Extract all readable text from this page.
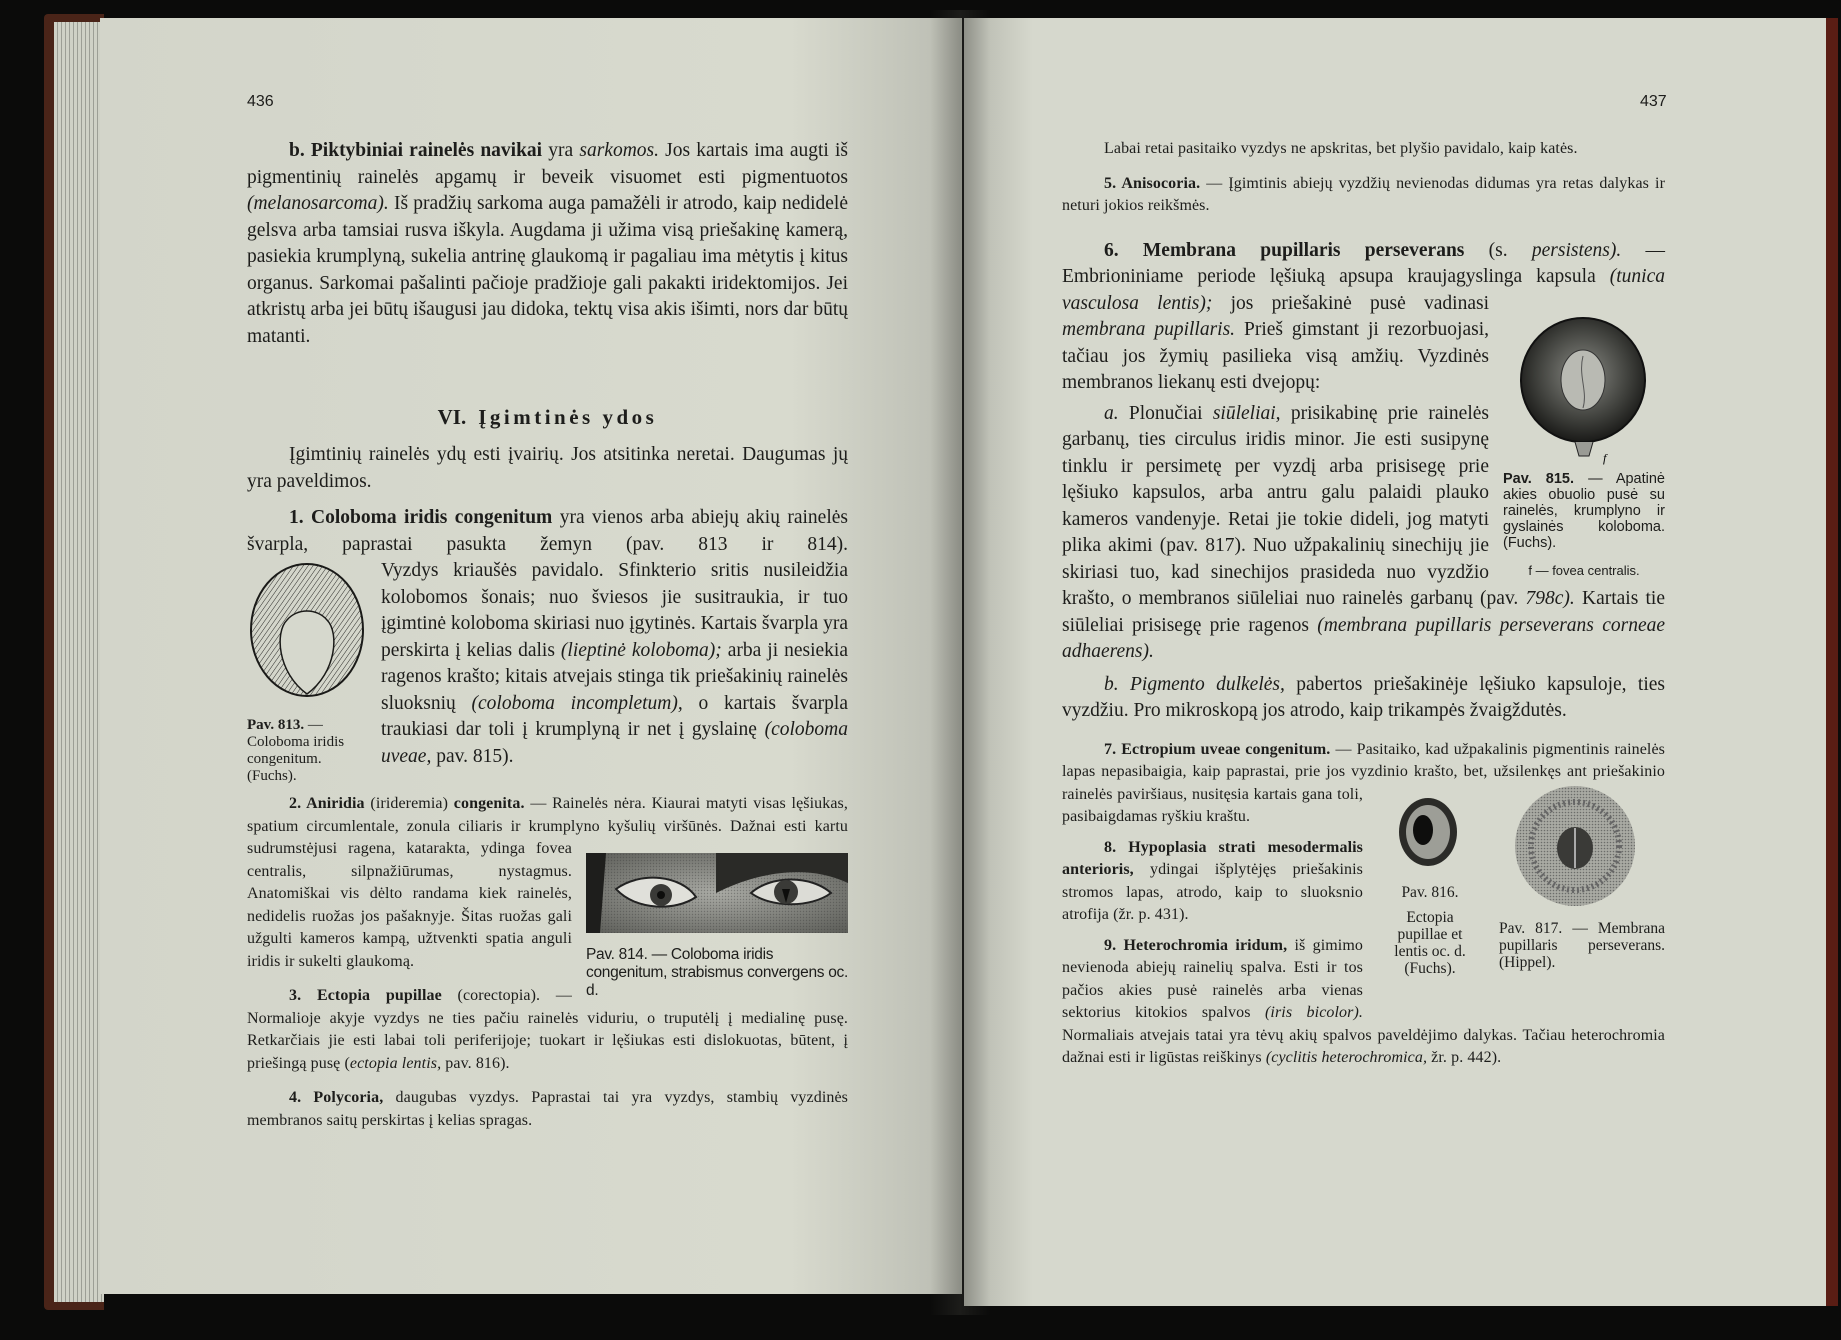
436	437

b. Piktybiniai rainelės navikai yra sarkomos. Jos kartais ima augti iš pigmentinių rainelės apgamų ir beveik visuomet esti pigmentuotos (melanosarcoma). Iš pradžių sarkoma auga pamažėli ir atrodo, kaip nedidelė gelsva arba tamsiai rusva iškyla. Augdama ji užima visą priešakinę kamerą, pasiekia krumplyną, sukelia antrinę glaukomą ir pagaliau ima mėtytis į kitus organus. Sarkomai pašalinti pačioje pradžioje gali pakakti iridektomijos. Jei atkristų arba jei būtų išaugusi jau didoka, tektų visa akis išimti, nors dar būtų matanti.

VI. Įgimtinės ydos

Įgimtinių rainelės ydų esti įvairių. Jos atsitinka neretai. Daugumas jų yra paveldimos.

1. Coloboma iridis congenitum yra vienos arba abiejų akių rainelės švarpla, paprastai pasukta žemyn (pav. 813 ir 814).

Pav. 813. — Coloboma iridis congenitum. (Fuchs).

Vyzdys kriaušės pavidalo. Sfinkterio sritis nusileidžia kolobomos šonais; nuo šviesos jie susitraukia, ir tuo įgimtinė koloboma skiriasi nuo įgytinės. Kartais švarpla yra perskirta į kelias dalis (lieptinė koloboma); arba ji nesiekia ragenos krašto; kitais atvejais stinga tik priešakinių rainelės sluoksnių (coloboma incompletum), o kartais švarpla traukiasi dar toli į krumplyną ir net į gyslainę (coloboma uveae, pav. 815).

Pav. 814. — Coloboma iridis congenitum, strabismus convergens oc. d.

2. Aniridia (irideremia) congenita. — Rainelės nėra. Kiaurai matyti visas lęšiukas, spatium circumlentale, zonula ciliaris ir krumplyno kyšulių viršūnės. Dažnai esti kartu sudrumstėjusi ragena, katarakta, ydinga fovea centralis, silpnažiūrumas, nystagmus. Anatomiškai vis dėlto randama kiek rainelės, nedidelis ruožas jos pašaknyje. Šitas ruožas gali užgulti kameros kampą, užtvenkti spatia anguli iridis ir sukelti glaukomą.

3. Ectopia pupillae (corectopia). — Normalioje akyje vyzdys ne ties pačiu rainelės viduriu, o truputėlį į medialinę pusę. Retkarčiais jie esti labai toli periferijoje; tuokart ir lęšiukas esti dislokuotas, būtent, į priešingą pusę (ectopia lentis, pav. 816).

4. Polycoria, daugubas vyzdys. Paprastai tai yra vyzdys, stambių vyzdinės membranos saitų perskirtas į kelias spragas.

Labai retai pasitaiko vyzdys ne apskritas, bet plyšio pavidalo, kaip katės.

5. Anisocoria. — Įgimtinis abiejų vyzdžių nevienodas didumas yra retas dalykas ir neturi jokios reikšmės.

f
Pav. 815. — Apatinė akies obuolio pusė su rainelės, krumplyno ir gyslainės koloboma. (Fuchs).
f — fovea centralis.

6. Membrana pupillaris perseverans (s. persistens). — Embrioniniame periode lęšiuką apsupa kraujagyslinga kapsula (tunica vasculosa lentis); jos priešakinė pusė vadinasi membrana pupillaris. Prieš gimstant ji rezorbuojasi, tačiau jos žymių pasilieka visą amžių. Vyzdinės membranos liekanų esti dvejopų:

a. Plonučiai siūleliai, prisikabinę prie rainelės garbanų, ties circulus iridis minor. Jie esti susipynę tinklu ir persimetę per vyzdį arba prisisegę prie lęšiuko kapsulos, arba antru galu palaidi plauko kameros vandenyje. Retai jie tokie dideli, jog matyti plika akimi (pav. 817). Nuo užpakalinių sinechijų jie skiriasi tuo, kad sinechijos prasideda nuo vyzdžio krašto, o membranos siūleliai nuo rainelės garbanų (pav. 798c). Kartais tie siūleliai prisisegę prie ragenos (membrana pupillaris perseverans corneae adhaerens).

b. Pigmento dulkelės, pabertos priešakinėje lęšiuko kapsuloje, ties vyzdžiu. Pro mikroskopą jos atrodo, kaip trikampės žvaigždutės.

Pav. 816.
Ectopia pupillae et lentis oc. d. (Fuchs).
Pav. 817. — Membrana pupillaris perseverans. (Hippel).

7. Ectropium uveae congenitum. — Pasitaiko, kad užpakalinis pigmentinis rainelės lapas nepasibaigia, kaip paprastai, prie jos vyzdinio krašto, bet, užsilenkęs ant priešakinio rainelės paviršiaus, nusitęsia kartais gana toli, pasibaigdamas ryškiu kraštu.

8. Hypoplasia strati mesodermalis anterioris, ydingai išplytėjęs priešakinis stromos lapas, atrodo, kaip to sluoksnio atrofija (žr. p. 431).

9. Heterochromia iridum, iš gimimo nevienoda abiejų rainelių spalva. Esti ir tos pačios akies pusė rainelės arba vienas sektorius kitokios spalvos (iris bicolor). Normaliais atvejais tatai yra tėvų akių spalvos paveldėjimo dalykas. Tačiau heterochromia dažnai esti ir ligūstas reiškinys (cyclitis heterochromica, žr. p. 442).
